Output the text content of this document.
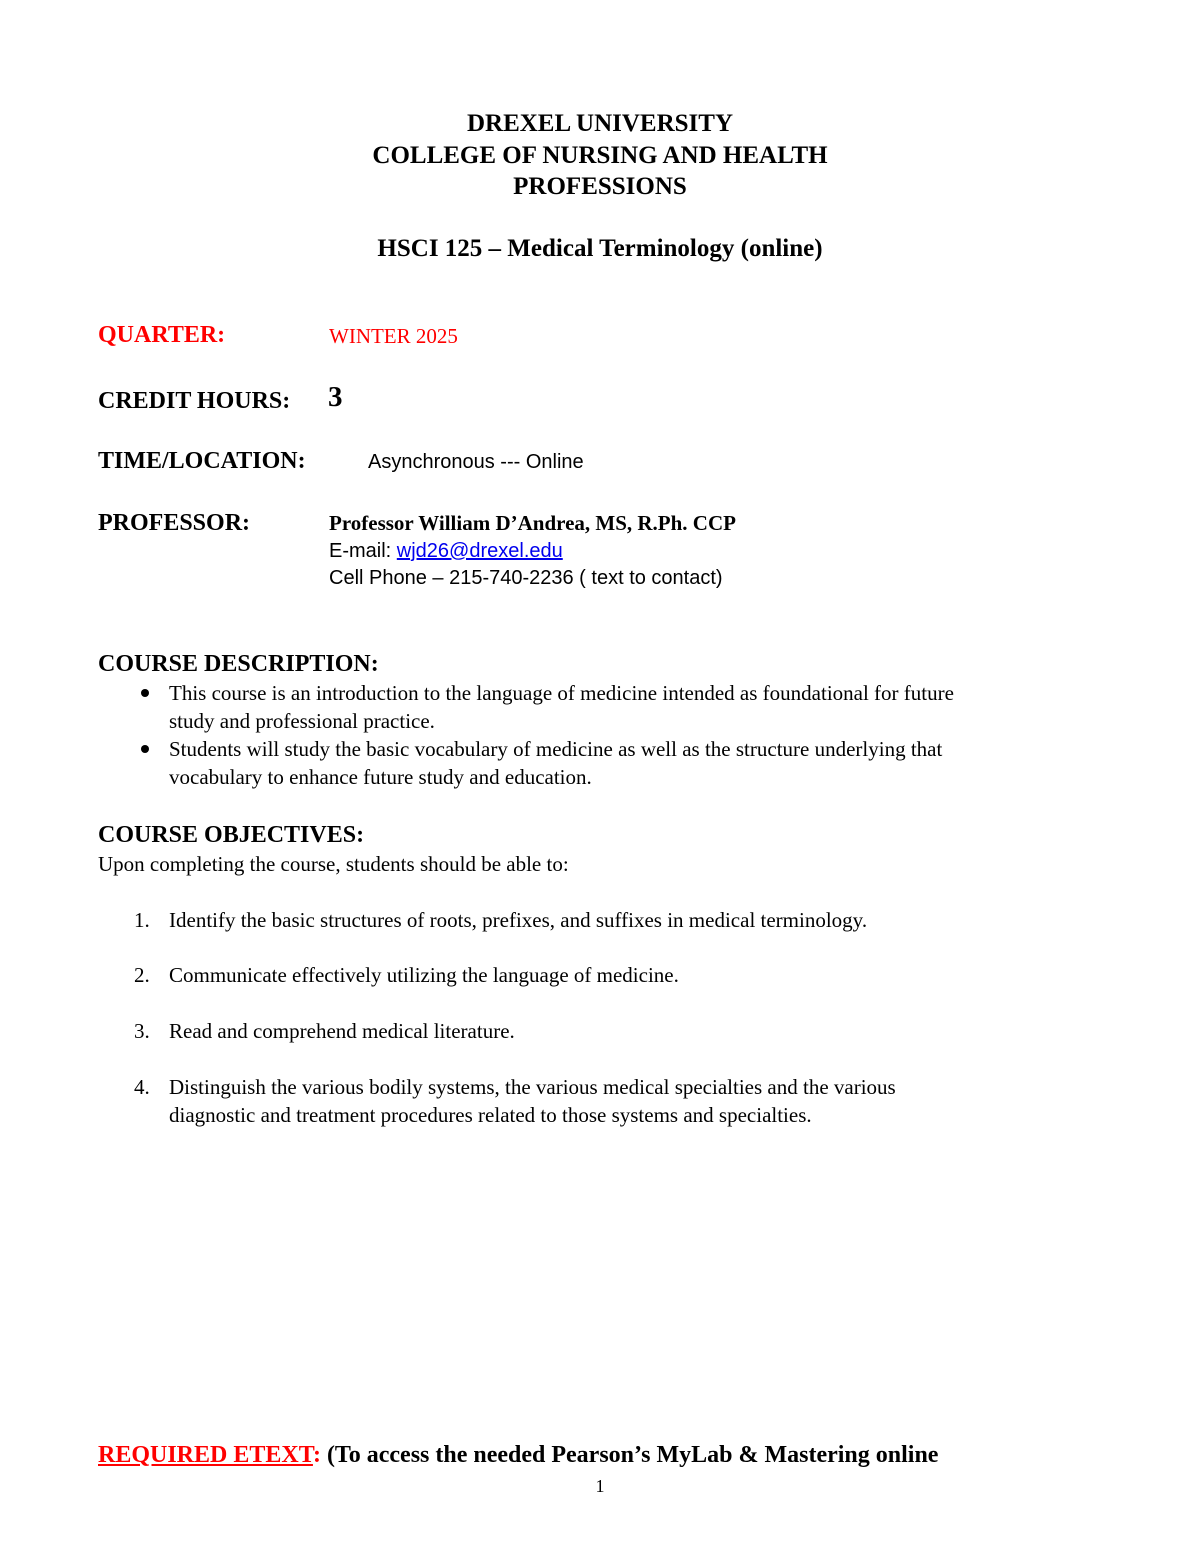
DREXEL UNIVERSITY
COLLEGE OF NURSING AND HEALTH
PROFESSIONS
HSCI 125 – Medical Terminology (online)
QUARTER:	WINTER 2025
CREDIT HOURS: 3
TIME/LOCATION:	Asynchronous --- Online
PROFESSOR:	Professor William D’Andrea, MS, R.Ph. CCP
E-mail: wjd26@drexel.edu
Cell Phone – 215-740-2236 ( text to contact)
COURSE DESCRIPTION:
This course is an introduction to the language of medicine intended as foundational for future
study and professional practice.
Students will study the basic vocabulary of medicine as well as the structure underlying that
vocabulary to enhance future study and education.
COURSE OBJECTIVES:
Upon completing the course, students should be able to:
1. Identify the basic structures of roots, prefixes, and suffixes in medical terminology.
2. Communicate effectively utilizing the language of medicine.
3. Read and comprehend medical literature.
4. Distinguish the various bodily systems, the various medical specialties and the various
diagnostic and treatment procedures related to those systems and specialties.
REQUIRED ETEXT: (To access the needed Pearson’s MyLab & Mastering online
1
